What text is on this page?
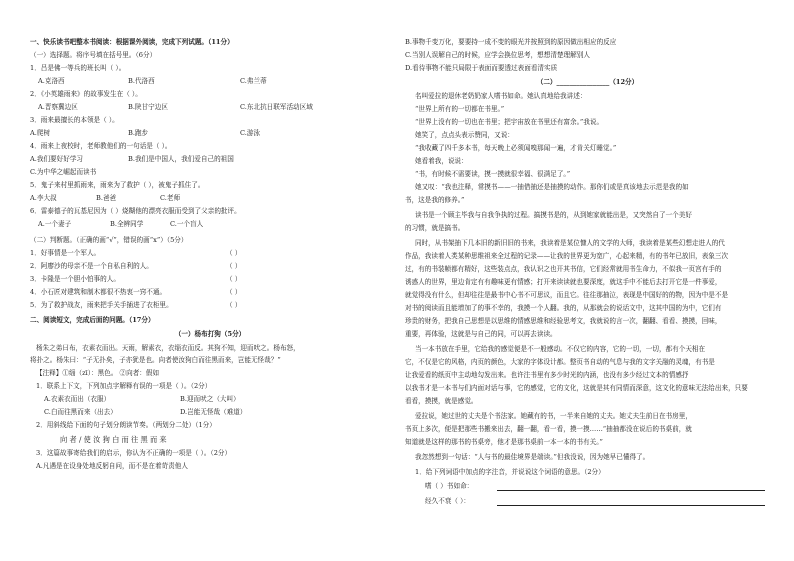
一、快乐读书吧整本书阅读：根据课外阅读，完成下列试题。（11分）
（一）选择题。将序号填在括号里。（6分）
1．吕是佛一等兵的班长叫（ ）。
A.克洛西	B.代洛西	C.弗兰蒂
2．《小英雄雨来》的故事发生在（ ）。
A.晋察冀边区	B.陕甘宁边区	C.东北抗日联军活动区域
3．雨来最擅长的本领是（ ）。
A.爬树	B.跑步	C.游泳
4．雨来上夜校时，老师教他们的一句话是（ ）。
A.我们要好好学习	B.我们是中国人，我们爱自己的祖国
C.为中华之崛起而读书
5．鬼子来村里抓雨来，雨来为了救护（ ），被鬼子抓住了。
A.李大叔	B.爸爸	C.老师
6．雷泰德子的瓦基尼因为（ ）烧糊他的漂亮衣服而受到了父亲的批评。
A.一个妻子	B.全辨同学	C.一个盲人
（二）判断题。（正确的画“√”，错误的画“x”）（5分）
1．好事情是一个军人。	（ ）
2．阿廖沙的母亲不是一个自私自利的人。	（ ）
3．卡隆是一个胆小怕事的人。	（ ）
4．小石匠对建筑和制木都很不热衷一窍不通。	（ ）
5．为了救护战友，雨来把手关手插进了衣柜里。	（ ）
二、阅读短文，完成后面的问题。（17分）
（一）杨布打狗（5分）
杨朱之弟曰布，衣素衣而出。天雨，解素衣，衣缁衣而反。其狗不知，迎而吠之。杨布怒，
将扑之。杨朱曰：“子无扑矣，子亦犹是也。向者使汝狗白而往黑而来，岂能无怪哉？”
【注释】①缁（zī）：黑色。 ②向者：假如
1．联系上下文，下列加点字解释有误的一项是（ ）。（2分）
A.衣素衣而出（衣服）	B.迎而吠之（大叫）
C.白而往黑而来（出去）	D.岂能无怪哉（难道）
2．用斜线给下面的句子划分朗读节奏。（两划分二处）（1分）
向 者 / 使 汝 狗 白 而 往 黑 而 来
3．这篇故事寄给我们的启示，你认为不正确的一项是（ ）。（2分）
A.凡遇是在设身处地反躬自问，而不是在着苛责他人
B.事物千变万化，要要持一成不变的眼光并按照到的原因做出相应的反应
C.当别人误解自己的时候，应学会换位思考，想想清楚理解别人
D.看待事物不能只局限于表面而要透过表面看清实质
（二）________________（12分）
名叫爱拉的退休老奶奶家人嗜书如命。她认真地给我讲述：
“世界上所有的一切都在书里。”
“世界上没有的一切也在书里；把宇宙放在书里还有富余。”我说。
她笑了，点点头表示赞同，又说：
“我收藏了四千多本书，每天晚上必须闻嗅那闻一遍，才肯关灯睡觉。”
她看着我，说说：
“书，有时候不需要读，摸一摸就很幸福、很满足了。”
她又叹：“我也注释，常摸书——一抽借抽还是抽摸的动作。那你们或是真该地去示范是我的如
书，这是我的修养。”
读书是一个顾主毕我与自我争执的过程。搞摸书是的，从到她家就能出是，又突然自了一个美好
的习惯，就是搞书。
同时，从书架抽下几本旧的新旧旧的书来，我读着是某位慷人的文学的大师，我读着是某些幻想走进人的代
作品，我读着人类某种思维祖来全过程的记录——让我的世界更为宽广，心起来精，有的书年已放旧，表象三次
过，有的书装帧都有精好，这些装点点，我认识之也开其书信，它们经常就用书生命力，不似我一页宫有手的
诱惑人的世界，里边肯定有有趣味更有情感；打开来读读就也要深度，就这手中不能后去打开它是一件事爱，
就觉得没有什么，但却往往是最书中心书不可思议，而且它。往往那抽泣，表现是中国好的的物，因为中是不是
对书的阅读而且能增加了的事不幸的，我摸一个人翻。我的，从那就会的说话文中，这其中国的为中，它们有
珍贵的财务，把我自己思想是以思维的情感思维和经验思考文，我就说的言一次，翻翻、看看、摸摸，回味，
重要，再体验，这就是与自己的同，可以再去读读。
当一本书放在手里，它给我的感觉便是不一般感动。不仅它的内容，它的一切，一切，都有个天相在
它，不仅是它的风格，内页的颜色，大家的字体设计都。整页书自动的气息与我的文字关融的灵魂，有书是
让我爱看的纸页中主动地勾发出来。也许注书里有多少时光的内涵，也没有多少经过文本的情感抒
以我书才是一本书与们内面对话与事，它的感觉，它的文化，这就是其有同情而深意，这文化的意味无法给出来，只要
看看，摸摸，就是感觉。
爱拉说，她过世的丈夫是个书法家。她藏有的书，一半来自她的丈夫。她丈夫生前日在书房里，
书页上多次，便是把那些书搬来出去，翻一翻，看一看，摸一摸……“抽抽都没在说后的书桌前，就
知道就是这样的那书的书桌旁，他才是那书桌前一本一本的书有关。”
我忽然想到一句话：“人与书的最佳境界是端读。”但我没说，因为她早已懂得了。
1．给下列词语中加点的字注音，并说说这个词语的意思。（2分）
嗜（ ）书如命：
经久不衰（ ）：
